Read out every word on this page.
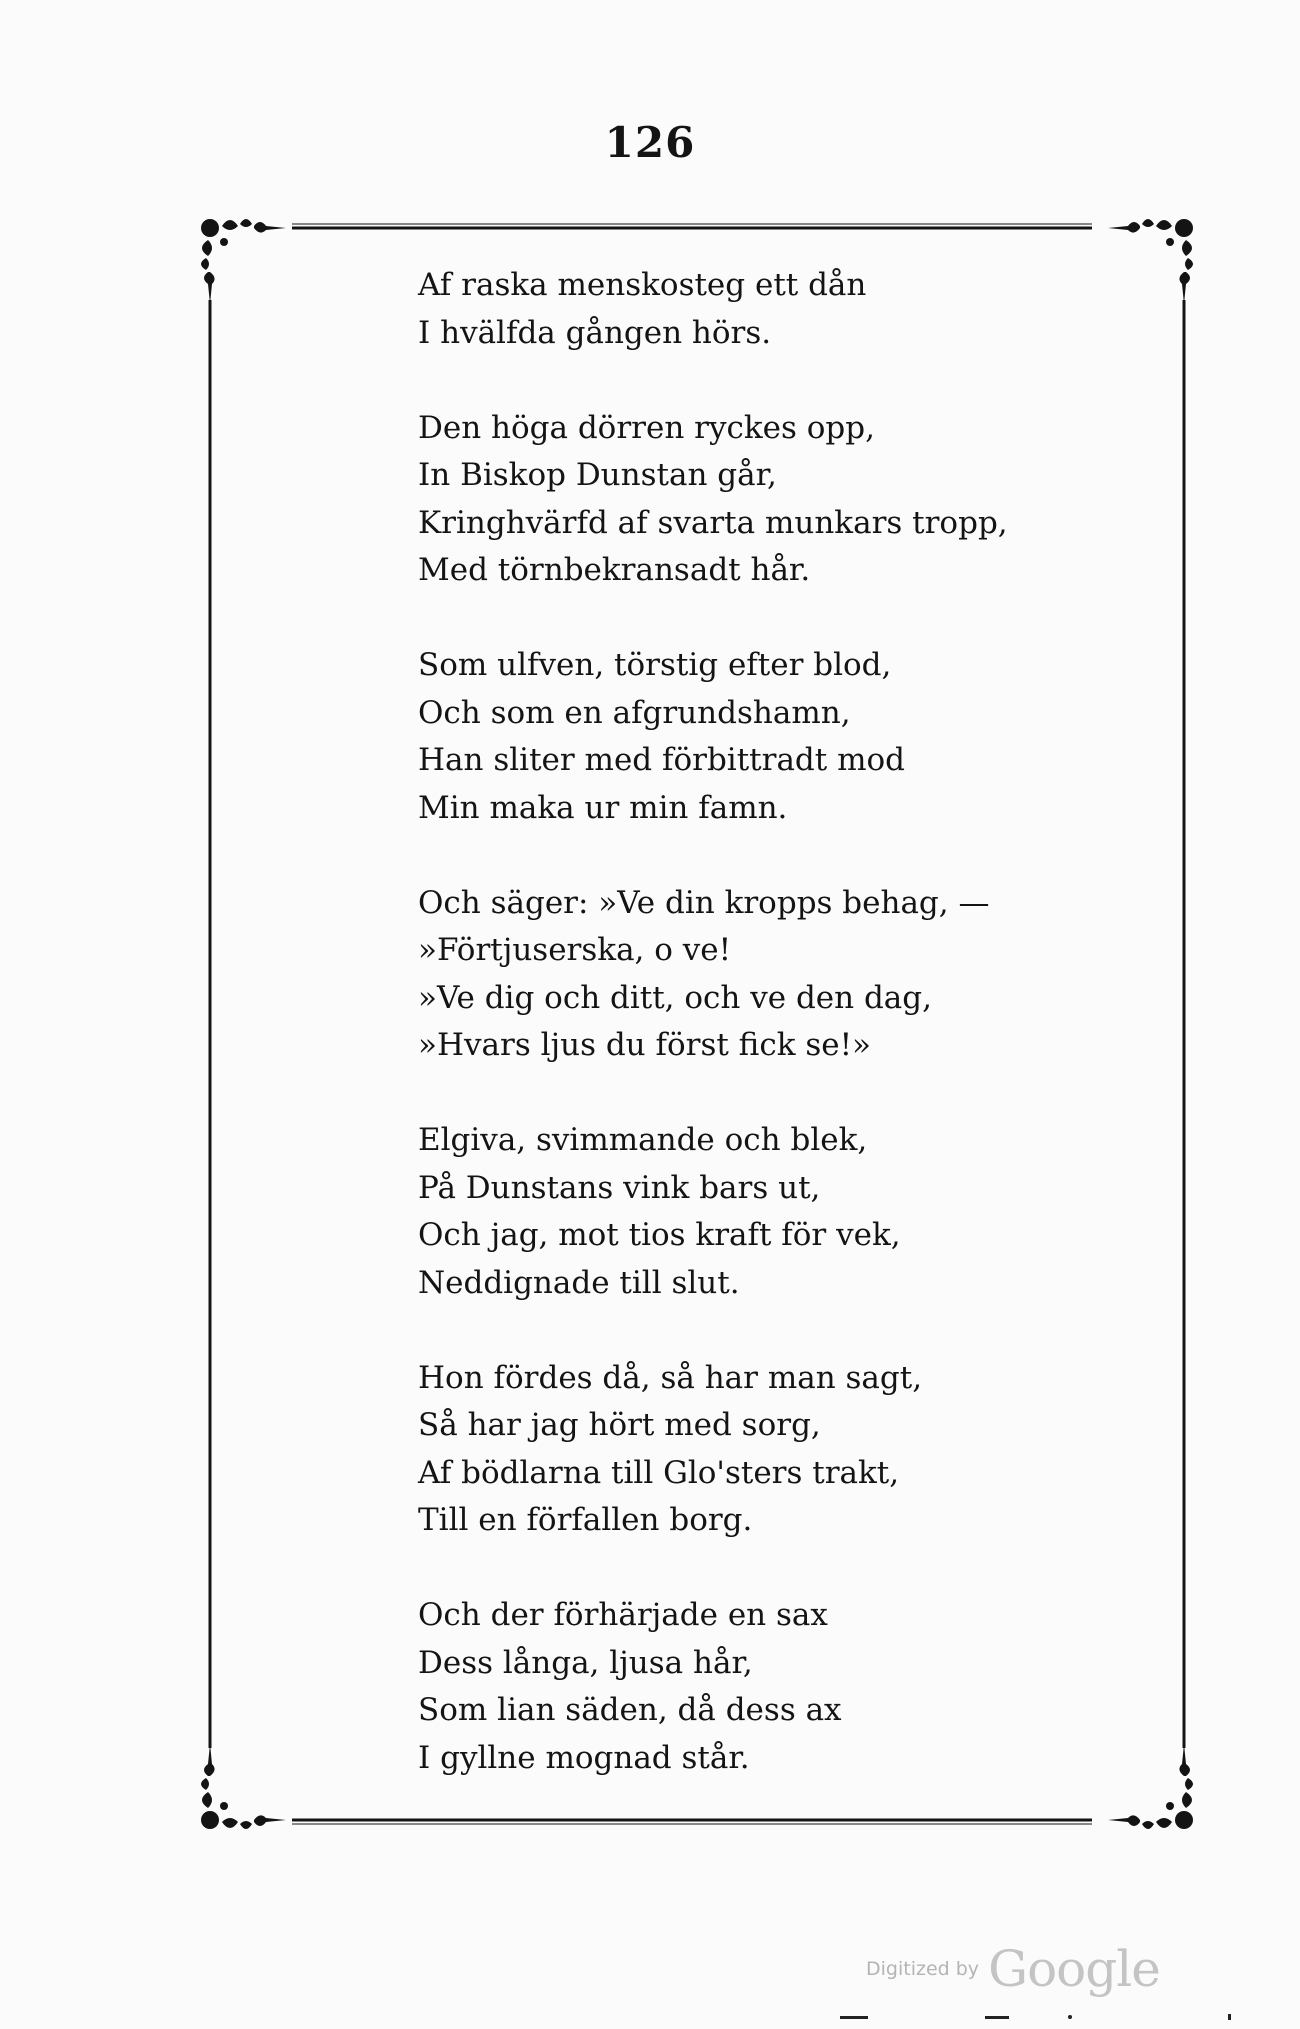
126
Af raska menskosteg ett dån
I hvälfda gången hörs.
Den höga dörren ryckes opp,
In Biskop Dunstan går,
Kringhvärfd af svarta munkars tropp,
Med törnbekransadt hår.
Som ulfven, törstig efter blod,
Och som en afgrundshamn,
Han sliter med förbittradt mod
Min maka ur min famn.
Och säger: »Ve din kropps behag, —
»Förtjuserska, o ve!
»Ve dig och ditt, och ve den dag,
»Hvars ljus du först fick se!»
Elgiva, svimmande och blek,
På Dunstans vink bars ut,
Och jag, mot tios kraft för vek,
Neddignade till slut.
Hon fördes då, så har man sagt,
Så har jag hört med sorg,
Af bödlarna till Glo'sters trakt,
Till en förfallen borg.
Och der förhärjade en sax
Dess långa, ljusa hår,
Som lian säden, då dess ax
I gyllne mognad står.
Digitized by Google
